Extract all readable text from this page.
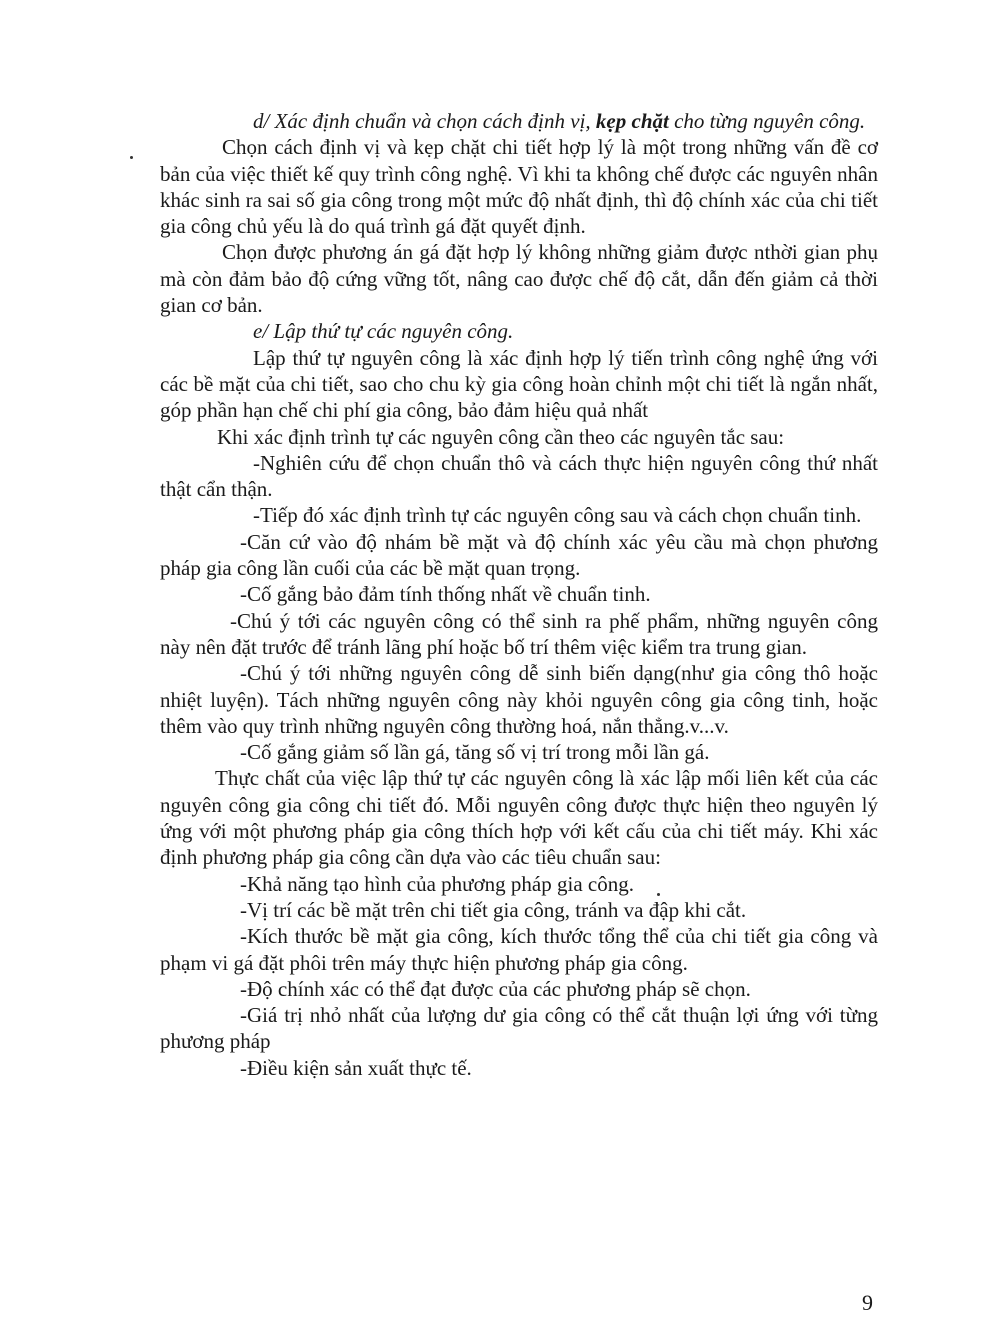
d/ Xác định chuẩn và chọn cách định vị, kẹp chặt cho từng nguyên công.

Chọn cách định vị và kẹp chặt chi tiết hợp lý là một trong những vấn đề cơ bản của việc thiết kế quy trình công nghệ. Vì khi ta không chế được các nguyên nhân khác sinh ra sai số gia công trong một mức độ nhất định, thì độ chính xác của chi tiết gia công chủ yếu là do quá trình gá đặt quyết định.

Chọn được phương án gá đặt hợp lý không những giảm được nthời gian phụ mà còn đảm bảo độ cứng vững tốt, nâng cao được chế độ cắt, dẫn đến giảm cả thời gian cơ bản.

e/ Lập thứ tự các nguyên công.

Lập thứ tự nguyên công là xác định hợp lý tiến trình công nghệ ứng với các bề mặt của chi tiết, sao cho chu kỳ gia công hoàn chỉnh một chi tiết là ngắn nhất, góp phần hạn chế chi phí gia công, bảo đảm hiệu quả nhất

Khi xác định trình tự các nguyên công cần theo các nguyên tắc sau:

-Nghiên cứu để chọn chuẩn thô và cách thực hiện nguyên công thứ nhất thật cẩn thận.

-Tiếp đó xác định trình tự các nguyên công sau và cách chọn chuẩn tinh.

-Căn cứ vào độ nhám bề mặt và độ chính xác yêu cầu mà chọn phương pháp gia công lần cuối của các bề mặt quan trọng.

-Cố gắng bảo đảm tính thống nhất về chuẩn tinh.

-Chú ý tới các nguyên công có thể sinh ra phế phẩm, những nguyên công này nên đặt trước để tránh lãng phí hoặc bố trí thêm việc kiểm tra trung gian.

-Chú ý tới những nguyên công dễ sinh biến dạng(như gia công thô hoặc nhiệt luyện). Tách những nguyên công này khỏi nguyên công gia công tinh, hoặc thêm vào quy trình những nguyên công thường hoá, nắn thẳng.v...v.

-Cố gắng giảm số lần gá, tăng số vị trí trong mỗi lần gá.

Thực chất của việc lập thứ tự các nguyên công là xác lập mối liên kết của các nguyên công gia công chi tiết đó. Mỗi nguyên công được thực hiện theo nguyên lý ứng với một phương pháp gia công thích hợp với kết cấu của chi tiết máy. Khi xác định phương pháp gia công cần dựa vào các tiêu chuẩn sau:

-Khả năng tạo hình của phương pháp gia công.

-Vị trí các bề mặt trên chi tiết gia công, tránh va đập khi cắt.

-Kích thước bề mặt gia công, kích thước tổng thể của chi tiết gia công và phạm vi gá đặt phôi trên máy thực hiện phương pháp gia công.

-Độ chính xác có thể đạt được của các phương pháp sẽ chọn.

-Giá trị nhỏ nhất của lượng dư gia công có thể cắt thuận lợi ứng với từng phương pháp

-Điều kiện sản xuất thực tế.

9
